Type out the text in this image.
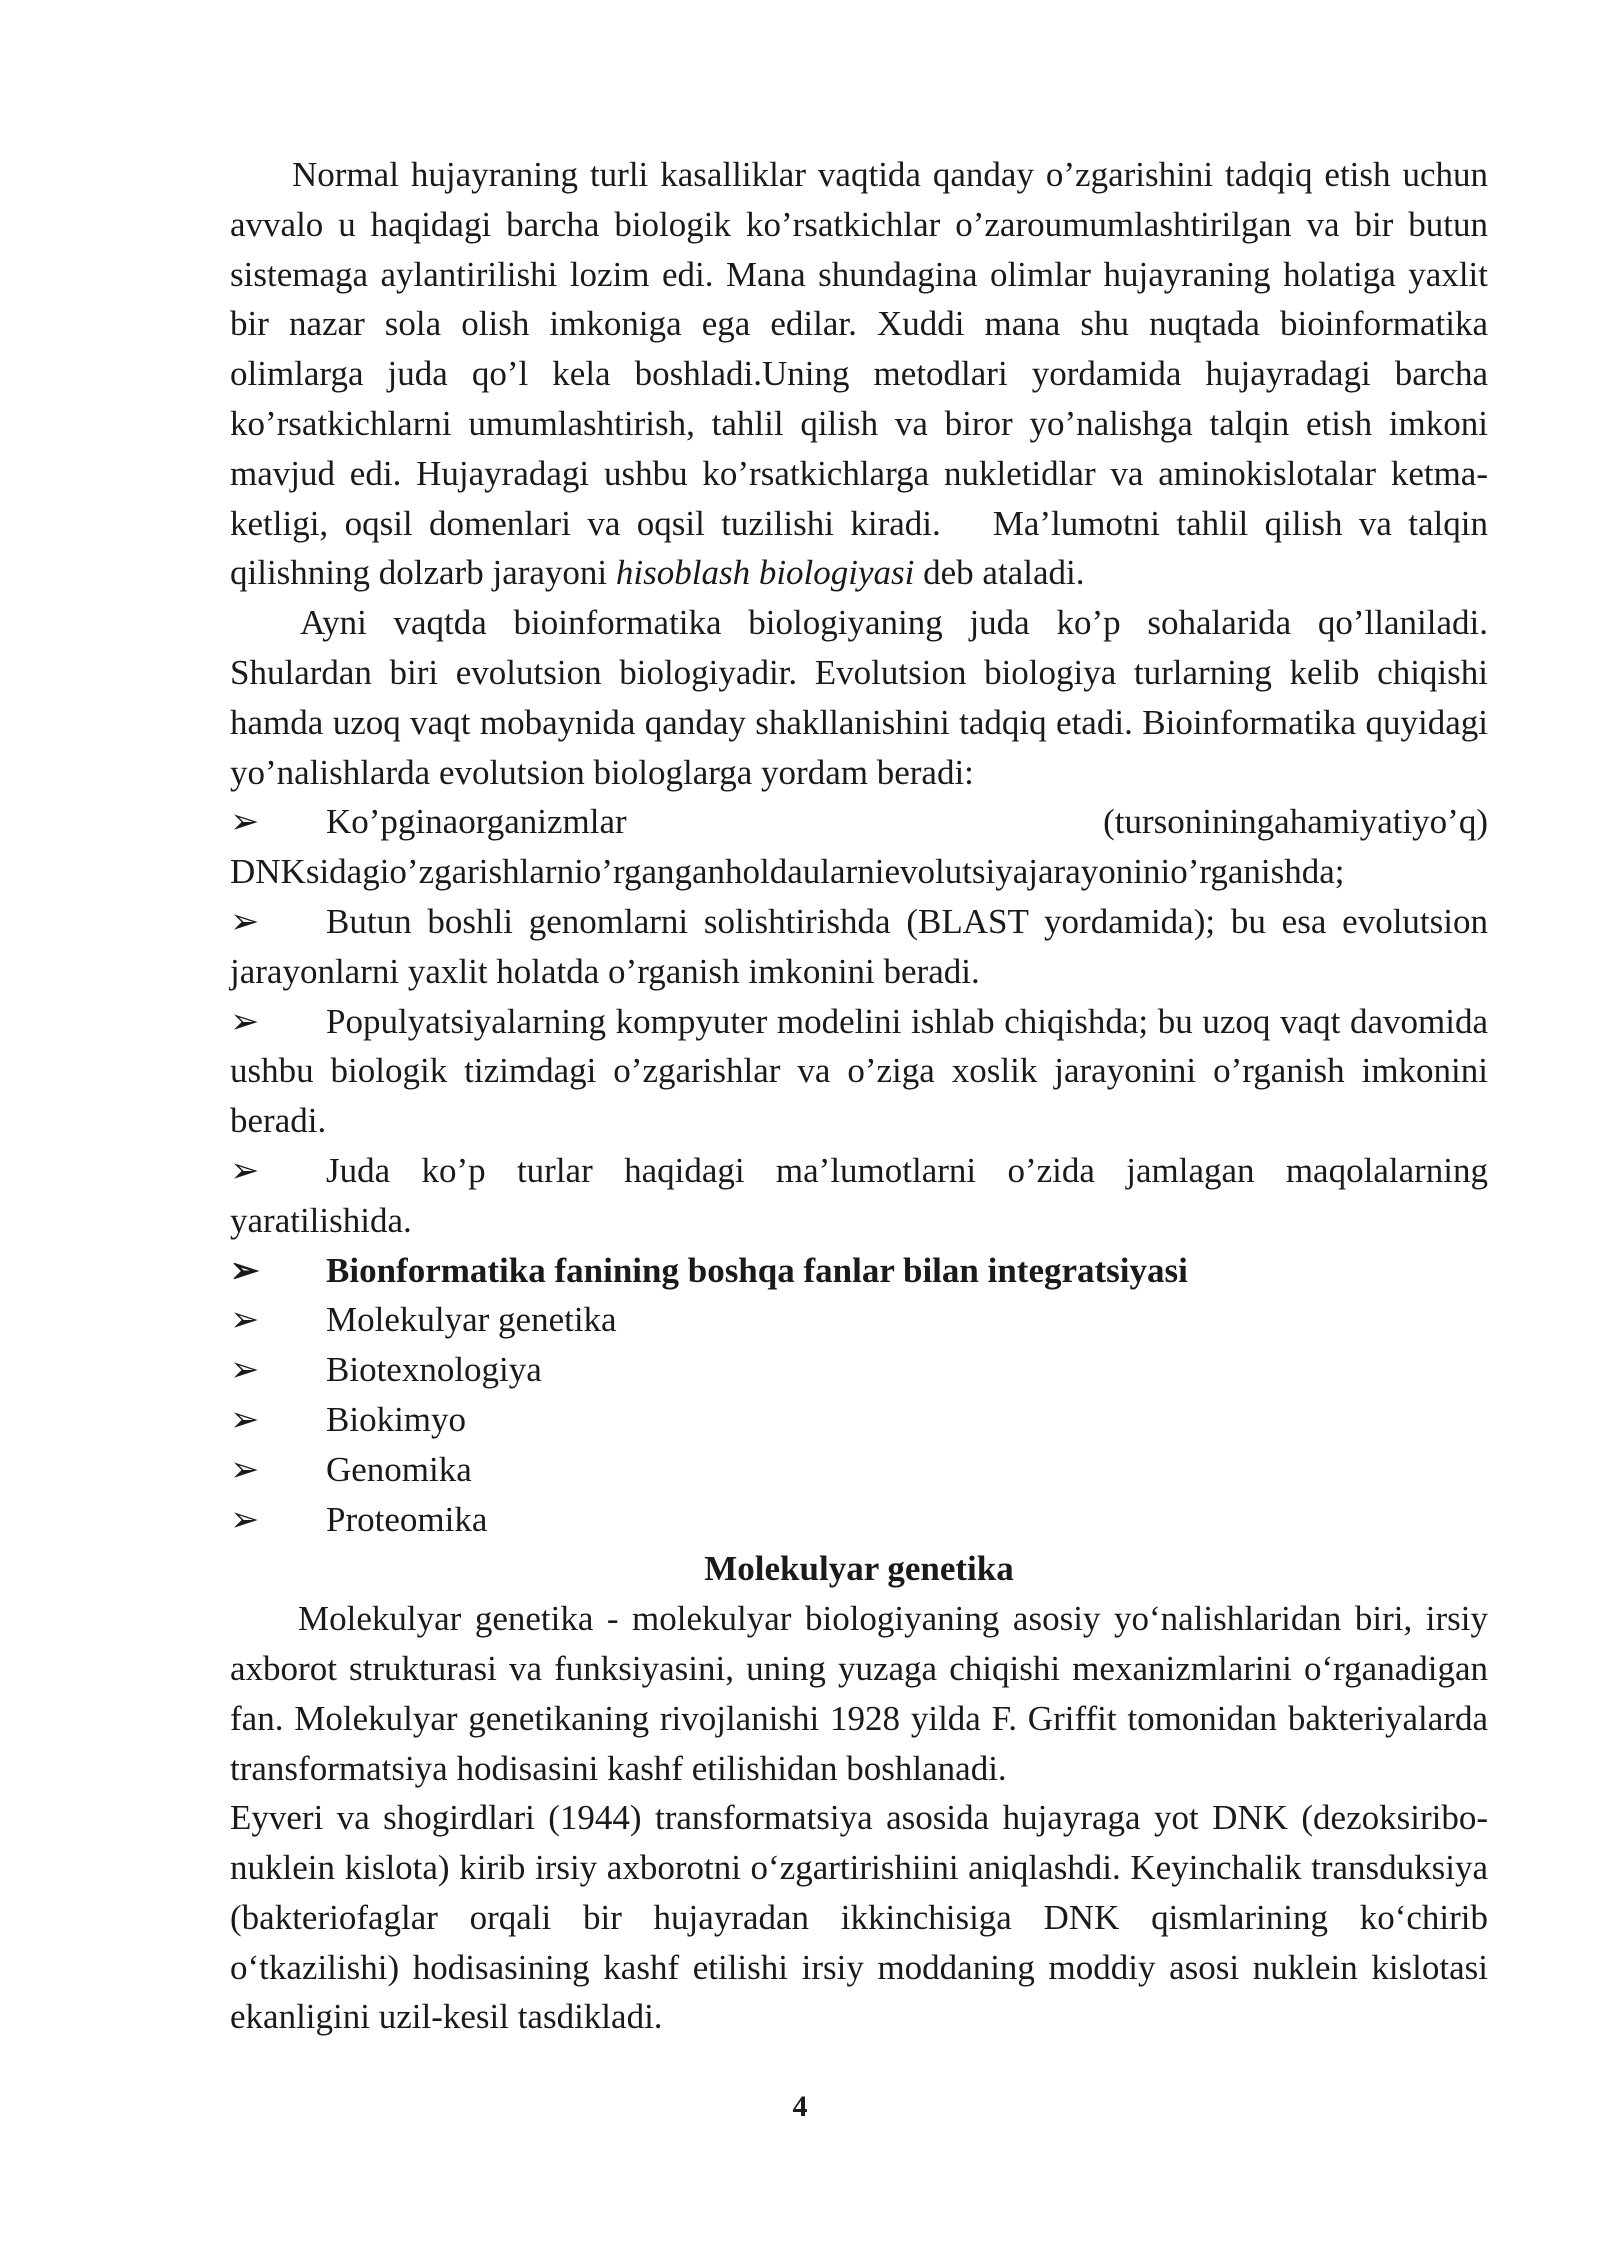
Normal hujayraning turli kasalliklar vaqtida qanday o’zgarishini tadqiq etish uchun avvalo u haqidagi barcha biologik ko’rsatkichlar o’zaroumumlashtirilgan va bir butun sistemaga aylantirilishi lozim edi. Mana shundagina olimlar hujayraning holatiga yaxlit bir nazar sola olish imkoniga ega edilar. Xuddi mana shu nuqtada bioinformatika olimlarga juda qo’l kela boshladi.Uning metodlari yordamida hujayradagi barcha ko’rsatkichlarni umumlashtirish, tahlil qilish va biror yo’nalishga talqin etish imkoni mavjud edi. Hujayradagi ushbu ko’rsatkichlarga nukletidlar va aminokislotalar ketma-ketligi, oqsil domenlari va oqsil tuzilishi kiradi. Ma’lumotni tahlil qilish va talqin qilishning dolzarb jarayoni hisoblash biologiyasi deb ataladi.

Ayni vaqtda bioinformatika biologiyaning juda ko’p sohalarida qo’llaniladi. Shulardan biri evolutsion biologiyadir. Evolutsion biologiya turlarning kelib chiqishi hamda uzoq vaqt mobaynida qanday shakllanishini tadqiq etadi. Bioinformatika quyidagi yo’nalishlarda evolutsion biologlarga yordam beradi:

➢ Ko’pginaorganizmlar	(tursoniningahamiyatiyo’q)
DNKsidagio’zgarishlarnio’rganganholdaularnievolutsiyajarayoninio’rganishda;

➢ Butun boshli genomlarni solishtirishda (BLAST yordamida); bu esa evolutsion jarayonlarni yaxlit holatda o’rganish imkonini beradi.

➢ Populyatsiyalarning kompyuter modelini ishlab chiqishda; bu uzoq vaqt davomida ushbu biologik tizimdagi o’zgarishlar va o’ziga xoslik jarayonini o’rganish imkonini beradi.

➢ Juda ko’p turlar haqidagi ma’lumotlarni o’zida jamlagan maqolalarning yaratilishida.

➢ Bionformatika fanining boshqa fanlar bilan integratsiyasi

➢ Molekulyar genetika

➢ Biotexnologiya

➢ Biokimyo

➢ Genomika

➢ Proteomika

Molekulyar genetika

Molekulyar genetika - molekulyar biologiyaning asosiy yo‘nalishlaridan biri, irsiy axborot strukturasi va funksiyasini, uning yuzaga chiqishi mexanizmlarini o‘rganadigan fan. Molekulyar genetikaning rivojlanishi 1928 yilda F. Griffit tomonidan bakteriyalarda transformatsiya hodisasini kashf etilishidan boshlanadi.

Eyveri va shogirdlari (1944) transformatsiya asosida hujayraga yot DNK (dezoksiribo-nuklein kislota) kirib irsiy axborotni o‘zgartirishiini aniqlashdi. Keyinchalik transduksiya (bakteriofaglar orqali bir hujayradan ikkinchisiga DNK qismlarining ko‘chirib o‘tkazilishi) hodisasining kashf etilishi irsiy moddaning moddiy asosi nuklein kislotasi ekanligini uzil-kesil tasdikladi.

4
